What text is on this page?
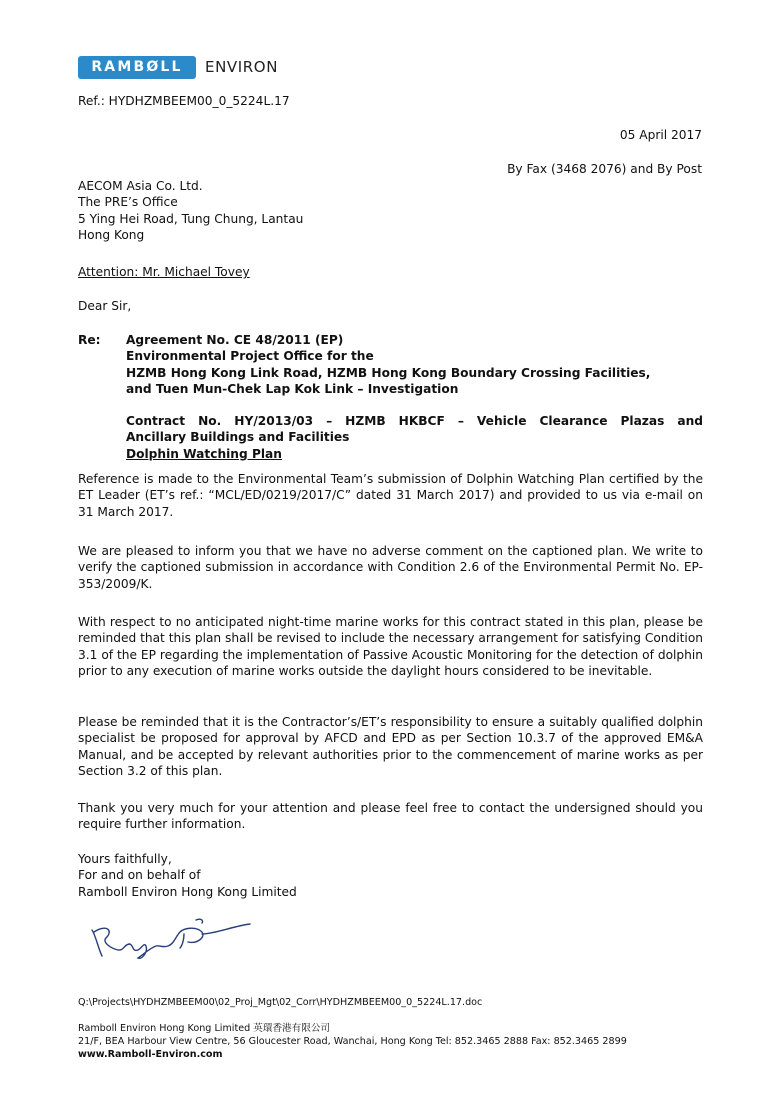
RAMBØLL	ENVIRON
Ref.: HYDHZMBEEM00_0_5224L.17
05 April 2017
By Fax (3468 2076) and By Post
AECOM Asia Co. Ltd.
The PRE’s Office
5 Ying Hei Road, Tung Chung, Lantau
Hong Kong
Attention: Mr. Michael Tovey
Dear Sir,
Re: Agreement No. CE 48/2011 (EP)
Environmental Project Office for the
HZMB Hong Kong Link Road, HZMB Hong Kong Boundary Crossing Facilities,
and Tuen Mun-Chek Lap Kok Link – Investigation
Contract No. HY/2013/03 – HZMB HKBCF – Vehicle Clearance Plazas and
Ancillary Buildings and Facilities
Dolphin Watching Plan
Reference is made to the Environmental Team’s submission of Dolphin Watching Plan certified by the ET Leader (ET’s ref.: “MCL/ED/0219/2017/C” dated 31 March 2017) and provided to us via e-mail on 31 March 2017.
We are pleased to inform you that we have no adverse comment on the captioned plan. We write to verify the captioned submission in accordance with Condition 2.6 of the Environmental Permit No. EP-353/2009/K.
With respect to no anticipated night-time marine works for this contract stated in this plan, please be reminded that this plan shall be revised to include the necessary arrangement for satisfying Condition 3.1 of the EP regarding the implementation of Passive Acoustic Monitoring for the detection of dolphin prior to any execution of marine works outside the daylight hours considered to be inevitable.
Please be reminded that it is the Contractor’s/ET’s responsibility to ensure a suitably qualified dolphin specialist be proposed for approval by AFCD and EPD as per Section 10.3.7 of the approved EM&A Manual, and be accepted by relevant authorities prior to the commencement of marine works as per Section 3.2 of this plan.
Thank you very much for your attention and please feel free to contact the undersigned should you require further information.
Yours faithfully,
For and on behalf of
Ramboll Environ Hong Kong Limited
Q:\Projects\HYDHZMBEEM00\02_Proj_Mgt\02_Corr\HYDHZMBEEM00_0_5224L.17.doc
Ramboll Environ Hong Kong Limited 英環香港有限公司
21/F, BEA Harbour View Centre, 56 Gloucester Road, Wanchai, Hong Kong Tel: 852.3465 2888 Fax: 852.3465 2899
www.Ramboll-Environ.com
